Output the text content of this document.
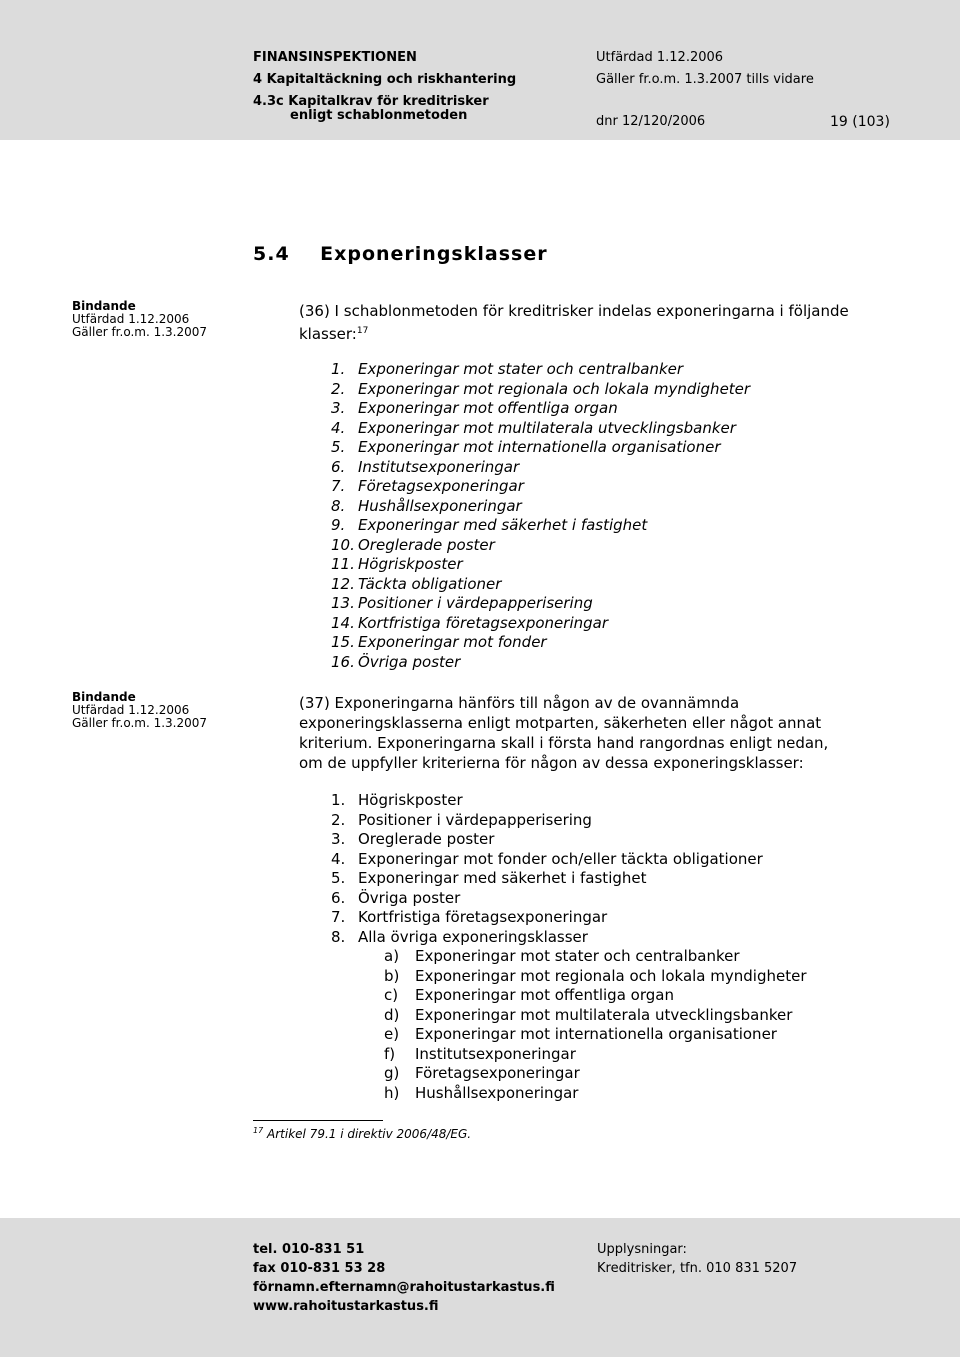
FINANSINSPEKTIONEN
4 Kapitaltäckning och riskhantering
4.3c Kapitalkrav för kreditrisker
enligt schablonmetoden
Utfärdad 1.12.2006
Gäller fr.o.m. 1.3.2007 tills vidare
dnr 12/120/2006	19 (103)
5.4    Exponeringsklasser
Bindande
Utfärdad 1.12.2006
Gäller fr.o.m. 1.3.2007
(36) I schablonmetoden för kreditrisker indelas exponeringarna i följande
klasser:$^{17}$
1. Exponeringar mot stater och centralbanker
2. Exponeringar mot regionala och lokala myndigheter
3. Exponeringar mot offentliga organ
4. Exponeringar mot multilaterala utvecklingsbanker
5. Exponeringar mot internationella organisationer
6. Institutsexponeringar
7. Företagsexponeringar
8. Hushållsexponeringar
9. Exponeringar med säkerhet i fastighet
10. Oreglerade poster
11. Högriskposter
12. Täckta obligationer
13. Positioner i värdepapperisering
14. Kortfristiga företagsexponeringar
15. Exponeringar mot fonder
16. Övriga poster
Bindande
Utfärdad 1.12.2006
Gäller fr.o.m. 1.3.2007
(37) Exponeringarna hänförs till någon av de ovannämnda
exponeringsklasserna enligt motparten, säkerheten eller något annat
kriterium. Exponeringarna skall i första hand rangordnas enligt nedan,
om de uppfyller kriterierna för någon av dessa exponeringsklasser:
1. Högriskposter
2. Positioner i värdepapperisering
3. Oreglerade poster
4. Exponeringar mot fonder och/eller täckta obligationer
5. Exponeringar med säkerhet i fastighet
6. Övriga poster
7. Kortfristiga företagsexponeringar
8. Alla övriga exponeringsklasser
a) Exponeringar mot stater och centralbanker
b) Exponeringar mot regionala och lokala myndigheter
c) Exponeringar mot offentliga organ
d) Exponeringar mot multilaterala utvecklingsbanker
e) Exponeringar mot internationella organisationer
f) Institutsexponeringar
g) Företagsexponeringar
h) Hushållsexponeringar
$^{17}$ Artikel 79.1 i direktiv 2006/48/EG.
tel. 010-831 51
fax 010-831 53 28
förnamn.efternamn@rahoitustarkastus.fi
www.rahoitustarkastus.fi
Upplysningar:
Kreditrisker, tfn. 010 831 5207
